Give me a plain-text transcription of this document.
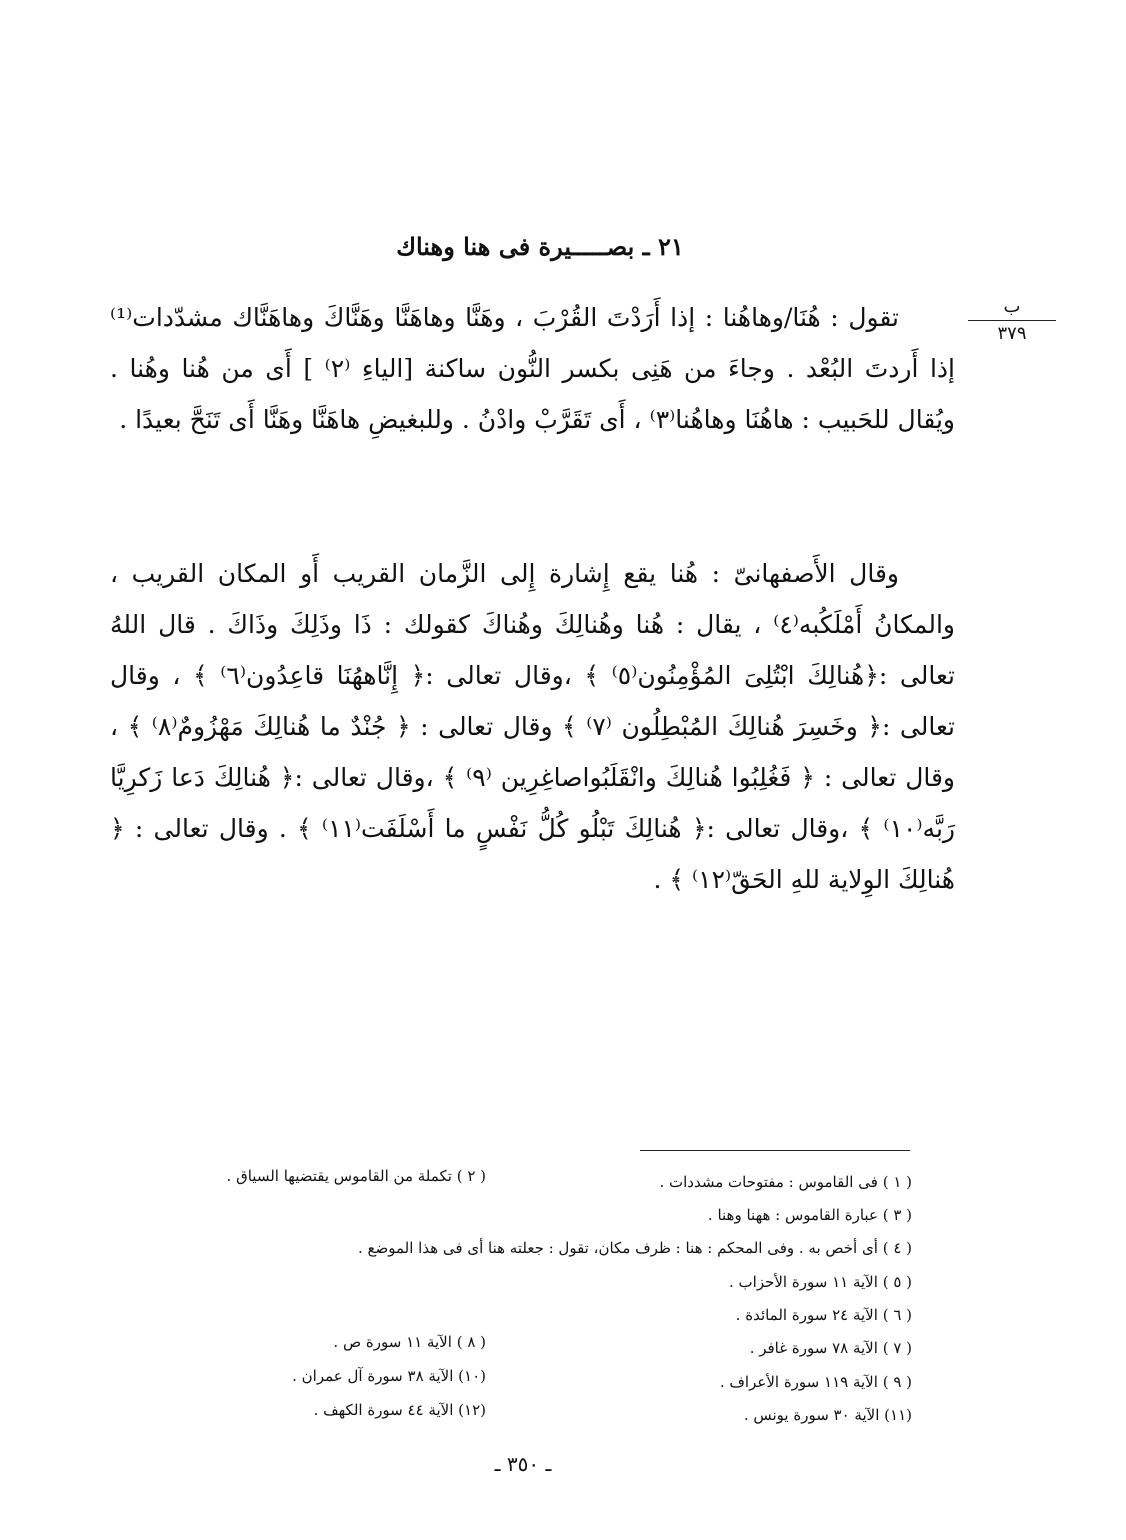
٢١ ـ بصـــــيرة فى هنا وهناك
ب
٣٧٩

تقول : هُنَا/وهاهُنا : إذا أَرَدْتَ القُرْبَ ، وهَنَّا وهاهَنَّا وهَنَّاكَ وهاهَنَّاك مشدّدات⁽¹⁾ إذا أَردتَ البُعْد . وجاءَ من هَنِى بكسر النُّون ساكنة [الياءِ ⁽٢⁾ ] أَى من هُنا وهُنا . ويُقال للحَبيب : هاهُنَا وهاهُنا⁽٣⁾ ، أَى تَقَرَّبْ وادْنُ . وللبغيضِ هاهَنَّا وهَنَّا أَى تَنَحَّ بعيدًا .

وقال الأَصفهانىّ : هُنا يقع إِشارة إِلى الزَّمان القريب أَو المكان القريب ، والمكانُ أَمْلَكُبه⁽٤⁾ ، يقال : هُنا وهُنالِكَ وهُناكَ كقولك : ذَا وذَلِكَ وذَاكَ . قال اللهُ تعالى :﴿هُنالِكَ ابْتُلِىَ المُؤْمِنُون⁽٥⁾ ﴾ ،وقال تعالى :﴿ إِنَّاههُنَا قاعِدُون⁽٦⁾ ﴾ ، وقال تعالى :﴿ وخَسِرَ هُنالِكَ المُبْطِلُون ⁽٧⁾ ﴾ وقال تعالى : ﴿ جُنْدٌ ما هُنالِكَ مَهْزُومٌ⁽٨⁾ ﴾ ، وقال تعالى : ﴿ فَغُلِبُوا هُنالِكَ وانْقَلَبُواصاغِرِين ⁽٩⁾ ﴾ ،وقال تعالى :﴿ هُنالِكَ دَعا زَكرِيَّا رَبَّه⁽١٠⁾ ﴾ ،وقال تعالى :﴿ هُنالِكَ تَبْلُو كُلُّ نَفْسٍ ما أَسْلَفَت⁽١١⁾ ﴾ . وقال تعالى : ﴿ هُنالِكَ الوِلاية للهِ الحَقّ⁽١٢⁾ ﴾ .

( ١ ) فى القاموس : مفتوحات مشددات .
( ٢ ) تكملة من القاموس يقتضيها السياق .
( ٣ ) عبارة القاموس : ههنا وهنا .
( ٤ ) أى أخص به . وفى المحكم : هنا : ظرف مكان، تقول : جعلته هنا أى فى هذا الموضع .
( ٥ ) الآية ١١ سورة الأحزاب .
( ٦ ) الآية ٢٤ سورة المائدة .
( ٧ ) الآية ٧٨ سورة غافر .
( ٨ ) الآية ١١ سورة ص .
( ٩ ) الآية ١١٩ سورة الأعراف .
(١٠) الآية ٣٨ سورة آل عمران .
(١١) الآية ٣٠ سورة يونس .
(١٢) الآية ٤٤ سورة الكهف .
ـ ٣٥٠ ـ
